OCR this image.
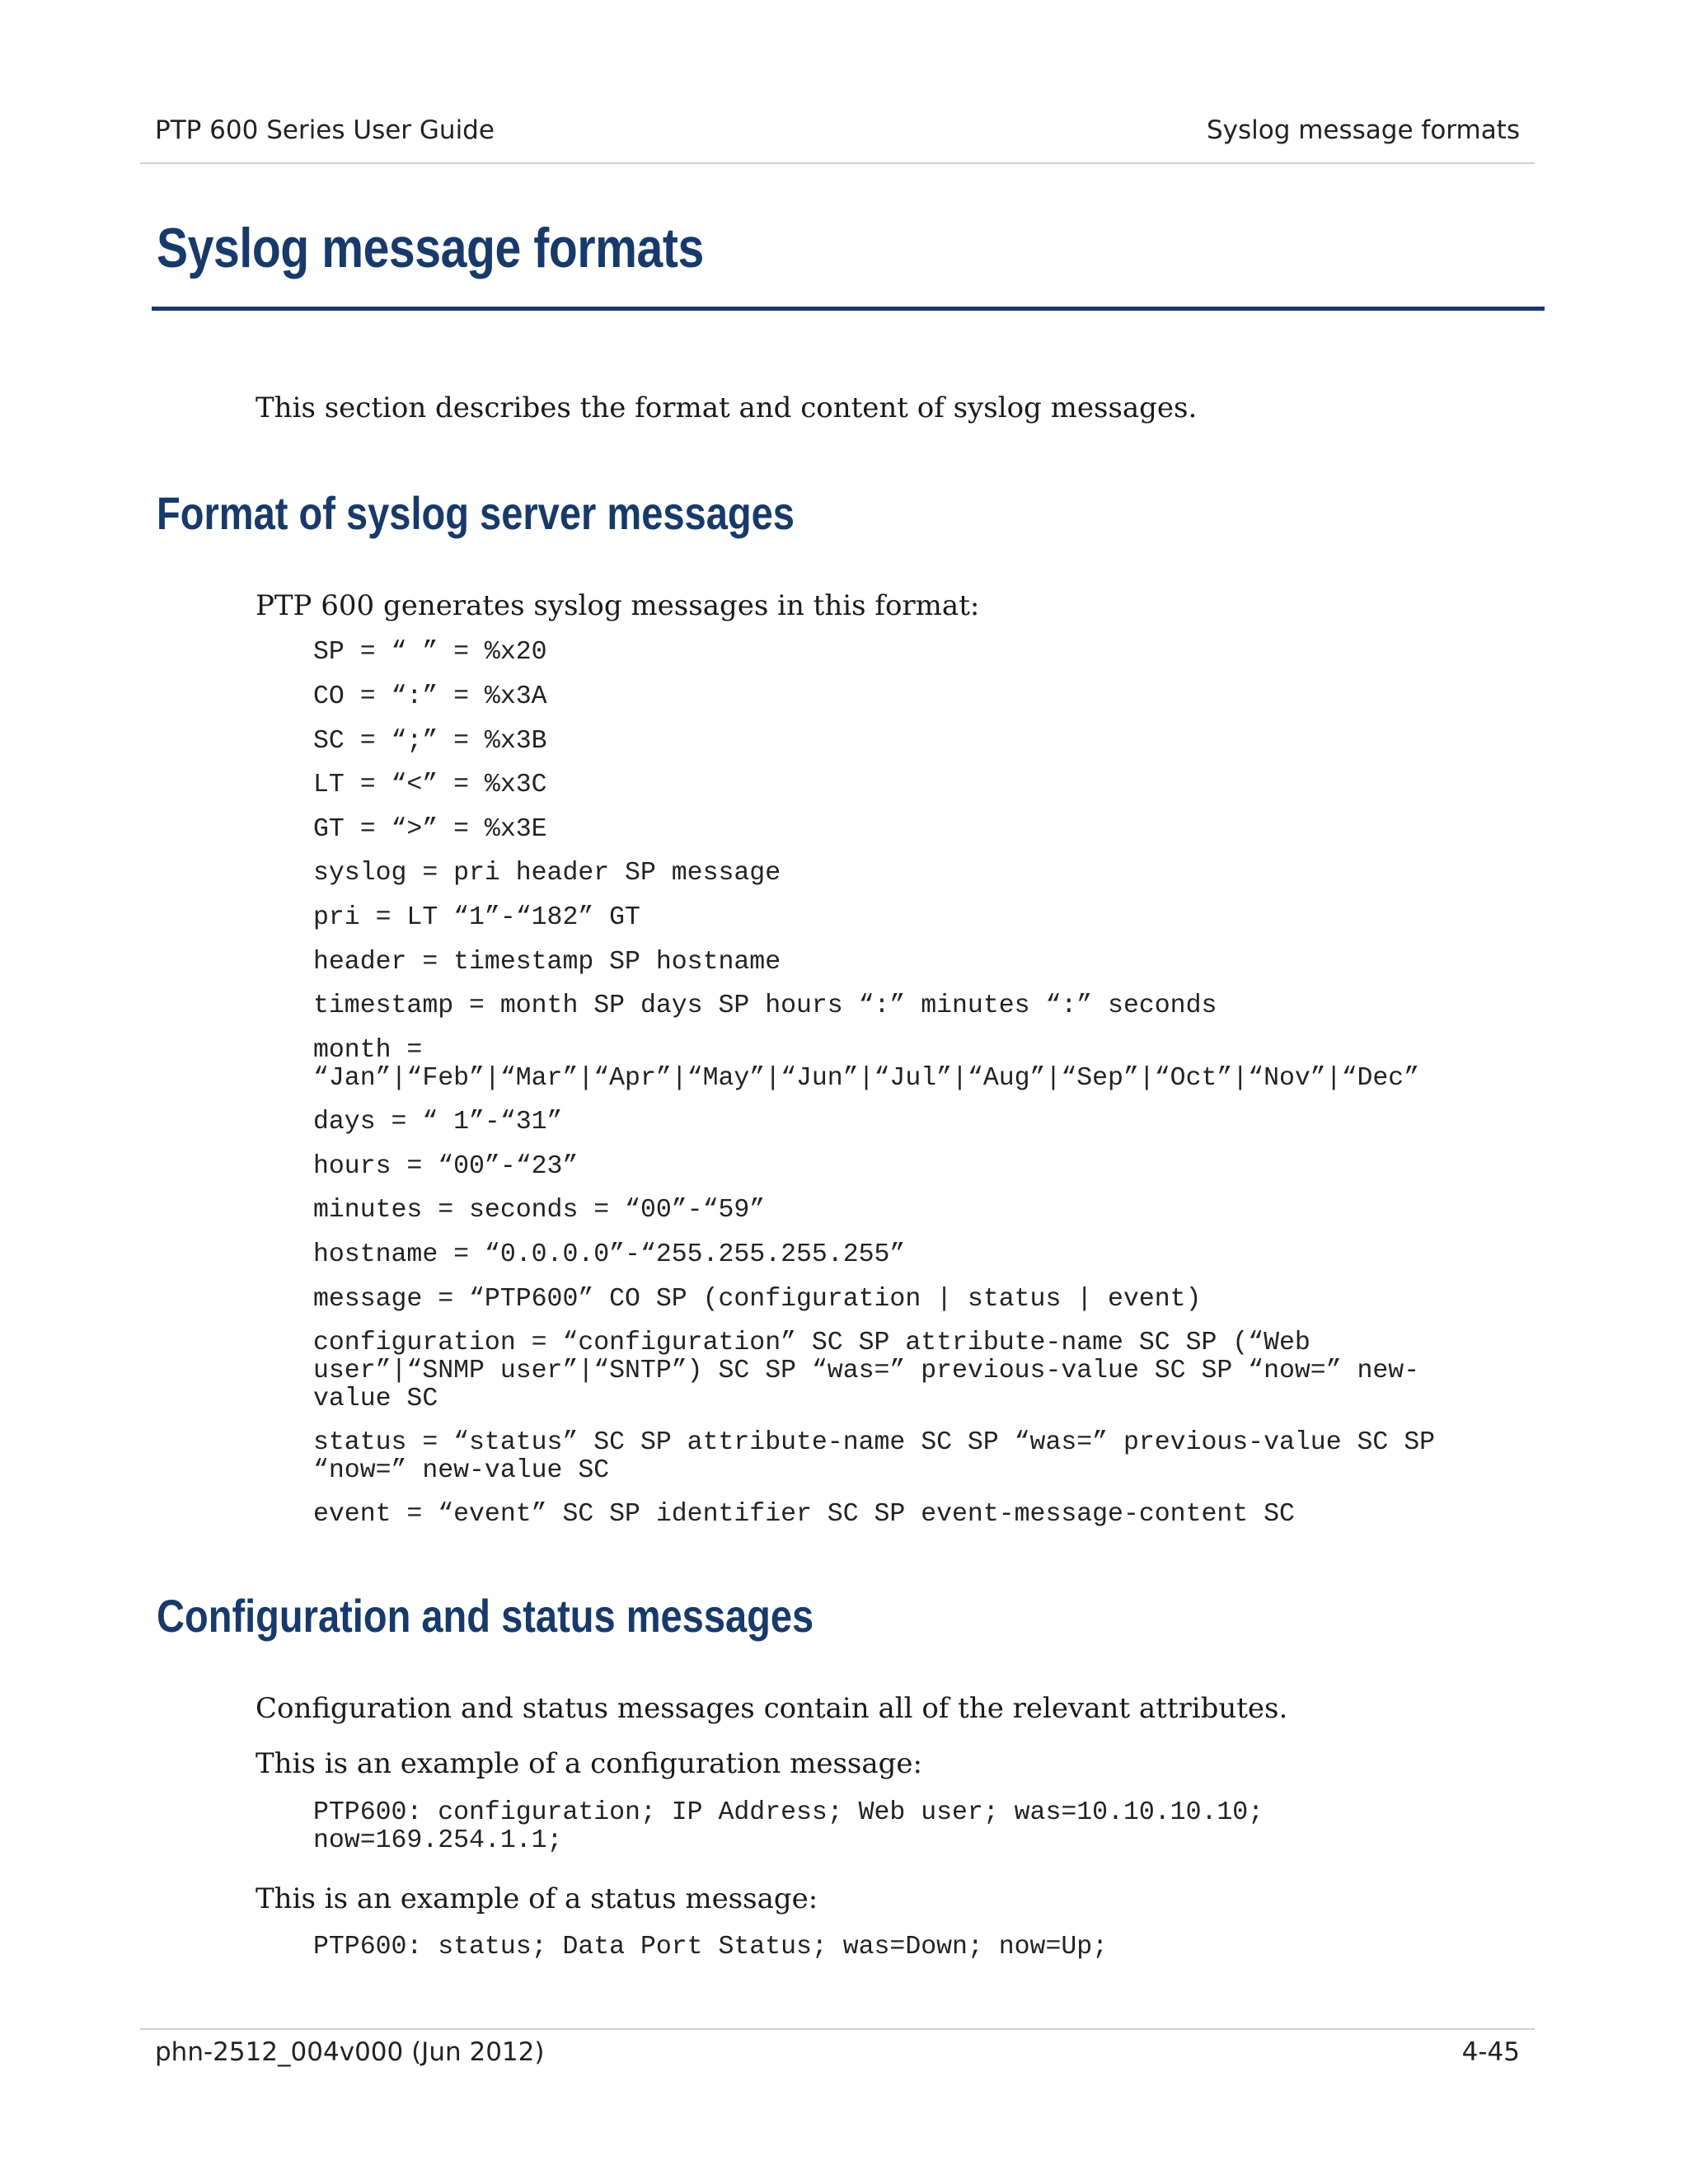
PTP 600 Series User Guide	Syslog message formats
Syslog message formats

This section describes the format and content of syslog messages.

Format of syslog server messages

PTP 600 generates syslog messages in this format:

SP = “ ” = %x20
CO = “:” = %x3A
SC = “;” = %x3B
LT = “<” = %x3C
GT = “>” = %x3E
syslog = pri header SP message
pri = LT “1”-“182” GT
header = timestamp SP hostname
timestamp = month SP days SP hours “:” minutes “:” seconds
month =
“Jan”|“Feb”|“Mar”|“Apr”|“May”|“Jun”|“Jul”|“Aug”|“Sep”|“Oct”|“Nov”|“Dec”
days = “ 1”-“31”
hours = “00”-“23”
minutes = seconds = “00”-“59”
hostname = “0.0.0.0”-“255.255.255.255”
message = “PTP600” CO SP (configuration | status | event)
configuration = “configuration” SC SP attribute-name SC SP (“Web
user”|“SNMP user”|“SNTP”) SC SP “was=” previous-value SC SP “now=” new-
value SC
status = “status” SC SP attribute-name SC SP “was=” previous-value SC SP
“now=” new-value SC
event = “event” SC SP identifier SC SP event-message-content SC
Configuration and status messages

Configuration and status messages contain all of the relevant attributes.

This is an example of a configuration message:

PTP600: configuration; IP Address; Web user; was=10.10.10.10;
now=169.254.1.1;

This is an example of a status message:

PTP600: status; Data Port Status; was=Down; now=Up;
phn-2512_004v000 (Jun 2012)	4-45
